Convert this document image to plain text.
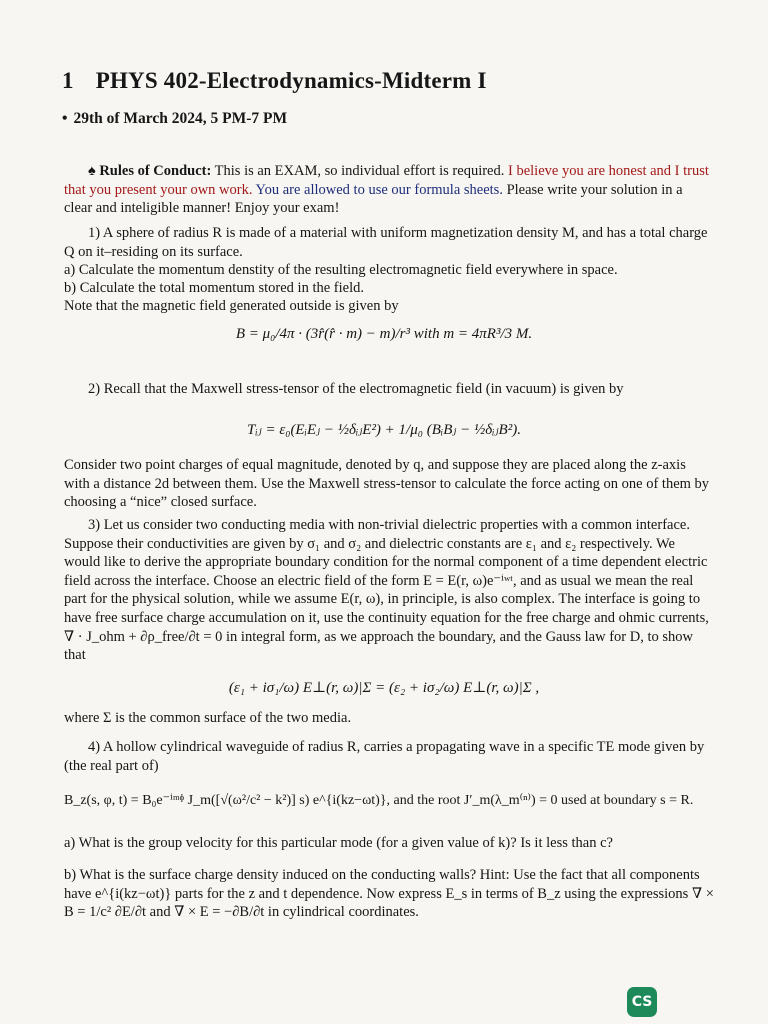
1 PHYS 402-Electrodynamics-Midterm I
• 29th of March 2024, 5 PM-7 PM
♠ Rules of Conduct: This is an EXAM, so individual effort is required. I believe you are honest and I trust that you present your own work. You are allowed to use our formula sheets. Please write your solution in a clear and inteligible manner! Enjoy your exam!
1) A sphere of radius R is made of a material with uniform magnetization density M, and has a total charge Q on it–residing on its surface.
a) Calculate the momentum denstity of the resulting electromagnetic field everywhere in space.
b) Calculate the total momentum stored in the field.
Note that the magnetic field generated outside is given by
B = μ₀/4π · (3r̂(r̂ · m) − m)/r³ with m = 4πR³/3 M.
2) Recall that the Maxwell stress-tensor of the electromagnetic field (in vacuum) is given by
Tᵢⱼ = ε₀(EᵢEⱼ − ½δᵢⱼE²) + 1/μ₀ (BᵢBⱼ − ½δᵢⱼB²).
Consider two point charges of equal magnitude, denoted by q, and suppose they are placed along the z-axis with a distance 2d between them. Use the Maxwell stress-tensor to calculate the force acting on one of them by choosing a “nice” closed surface.
3) Let us consider two conducting media with non-trivial dielectric properties with a common interface. Suppose their conductivities are given by σ₁ and σ₂ and dielectric constants are ε₁ and ε₂ respectively. We would like to derive the appropriate boundary condition for the normal component of a time dependent electric field across the interface. Choose an electric field of the form E = E(r, ω)e⁻ⁱʷᵗ, and as usual we mean the real part for the physical solution, while we assume E(r, ω), in principle, is also complex. The interface is going to have free surface charge accumulation on it, use the continuity equation for the free charge and ohmic currents, ∇ · J_ohm + ∂ρ_free/∂t = 0 in integral form, as we approach the boundary, and the Gauss law for D, to show that
(ε₁ + iσ₁/ω) E⊥(r, ω)|Σ = (ε₂ + iσ₂/ω) E⊥(r, ω)|Σ ,
where Σ is the common surface of the two media.
4) A hollow cylindrical waveguide of radius R, carries a propagating wave in a specific TE mode given by (the real part of)
B_z(s, φ, t) = B₀e⁻ⁱᵐᶲ J_m([√(ω²/c² − k²)] s) e^{i(kz−ωt)}, and the root J′_m(λ_m⁽ⁿ⁾) = 0 used at boundary s = R.
a) What is the group velocity for this particular mode (for a given value of k)? Is it less than c?
b) What is the surface charge density induced on the conducting walls? Hint: Use the fact that all components have e^{i(kz−ωt)} parts for the z and t dependence. Now express E_s in terms of B_z using the expressions ∇ × B = 1/c² ∂E/∂t and ∇ × E = −∂B/∂t in cylindrical coordinates.
CS
